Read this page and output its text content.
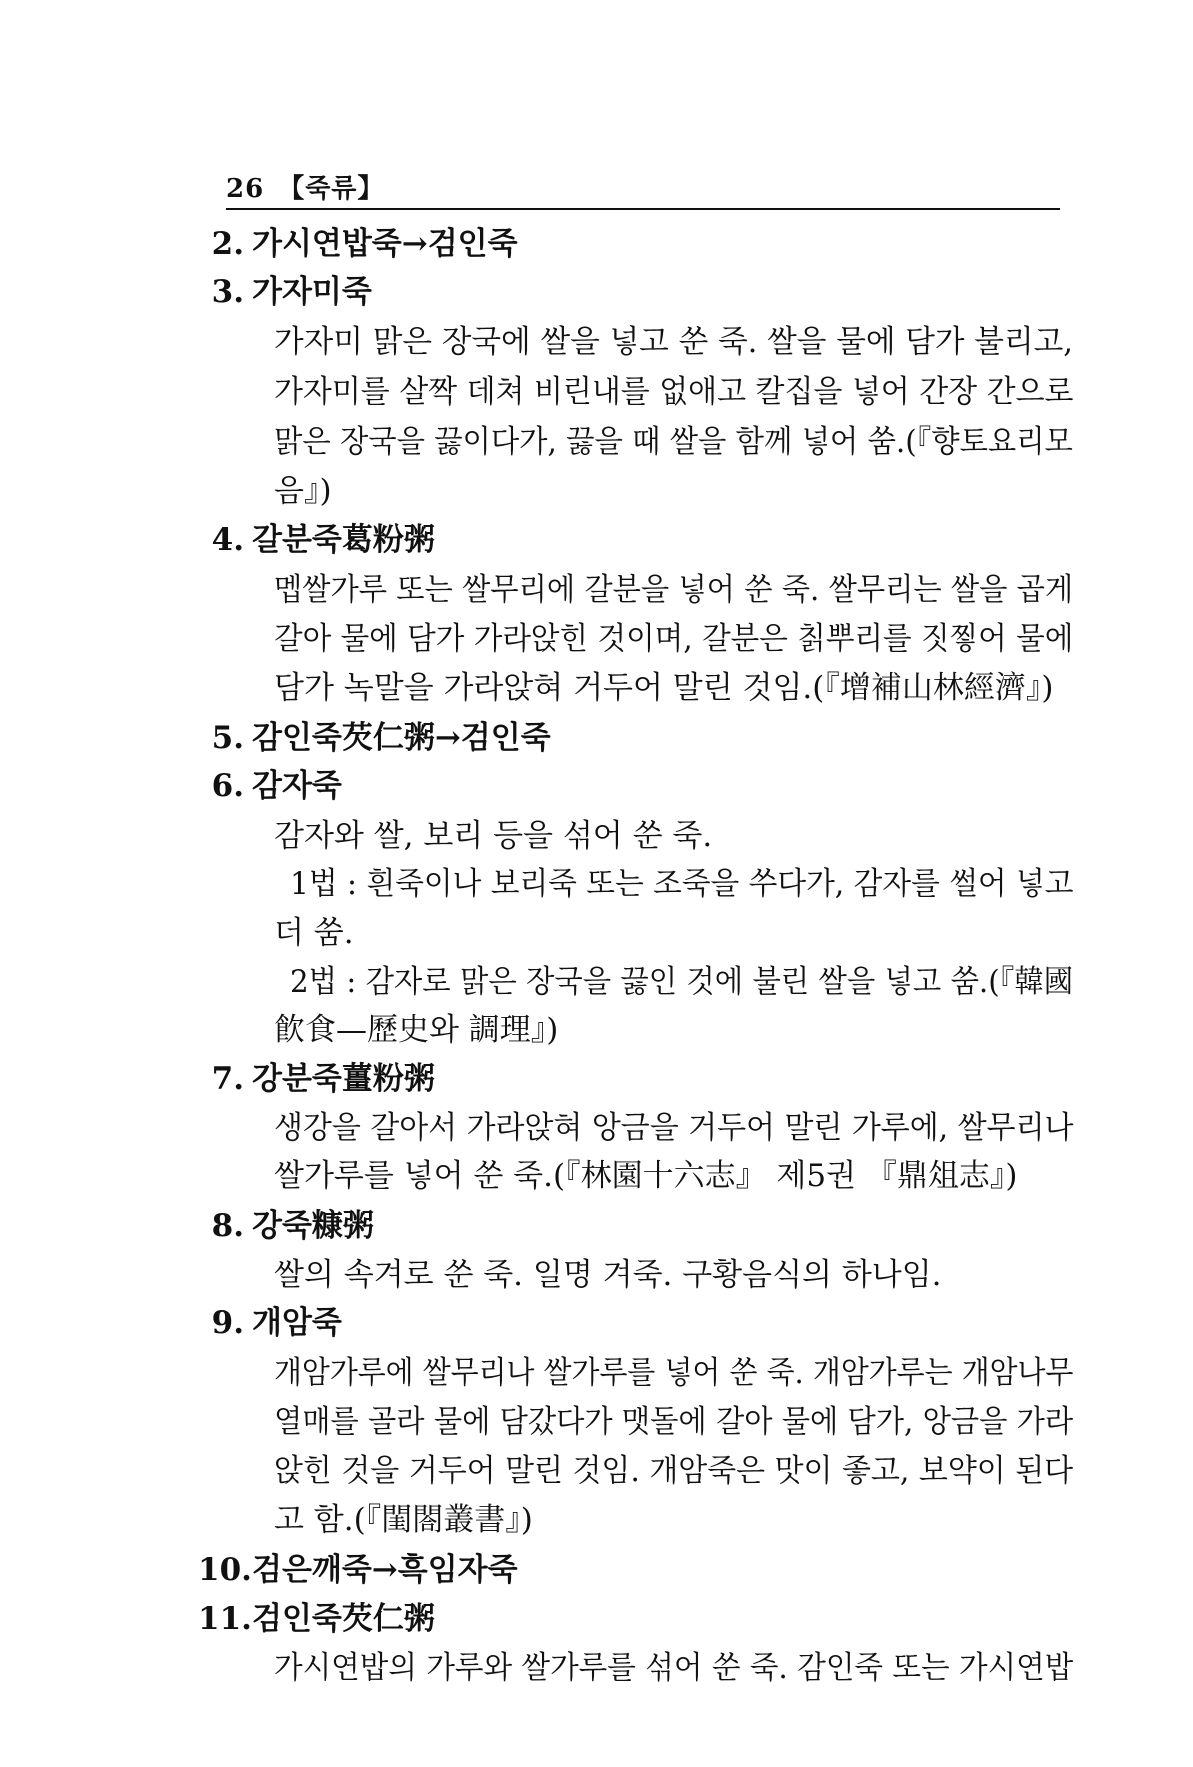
26 【죽류】
2. 가시연밥죽→검인죽
3. 가자미죽
가자미 맑은 장국에 쌀을 넣고 쑨 죽. 쌀을 물에 담가 불리고,
가자미를 살짝 데쳐 비린내를 없애고 칼집을 넣어 간장 간으로
맑은 장국을 끓이다가, 끓을 때 쌀을 함께 넣어 쑴.(『향토요리모
음』)
4. 갈분죽葛粉粥
멥쌀가루 또는 쌀무리에 갈분을 넣어 쑨 죽. 쌀무리는 쌀을 곱게
갈아 물에 담가 가라앉힌 것이며, 갈분은 칡뿌리를 짓찧어 물에
담가 녹말을 가라앉혀 거두어 말린 것임.(『增補山林經濟』)
5. 감인죽芡仁粥→검인죽
6. 감자죽
감자와 쌀, 보리 등을 섞어 쑨 죽.
1법 : 흰죽이나 보리죽 또는 조죽을 쑤다가, 감자를 썰어 넣고
더 쑴.
2법 : 감자로 맑은 장국을 끓인 것에 불린 쌀을 넣고 쑴.(『韓國
飮食—歷史와 調理』)
7. 강분죽薑粉粥
생강을 갈아서 가라앉혀 앙금을 거두어 말린 가루에, 쌀무리나
쌀가루를 넣어 쑨 죽.(『林園十六志』 제5권 『鼎俎志』)
8. 강죽糠粥
쌀의 속겨로 쑨 죽. 일명 겨죽. 구황음식의 하나임.
9. 개암죽
개암가루에 쌀무리나 쌀가루를 넣어 쑨 죽. 개암가루는 개암나무
열매를 골라 물에 담갔다가 맷돌에 갈아 물에 담가, 앙금을 가라
앉힌 것을 거두어 말린 것임. 개암죽은 맛이 좋고, 보약이 된다
고 함.(『閨閤叢書』)
10.검은깨죽→흑임자죽
11.검인죽芡仁粥
가시연밥의 가루와 쌀가루를 섞어 쑨 죽. 감인죽 또는 가시연밥
